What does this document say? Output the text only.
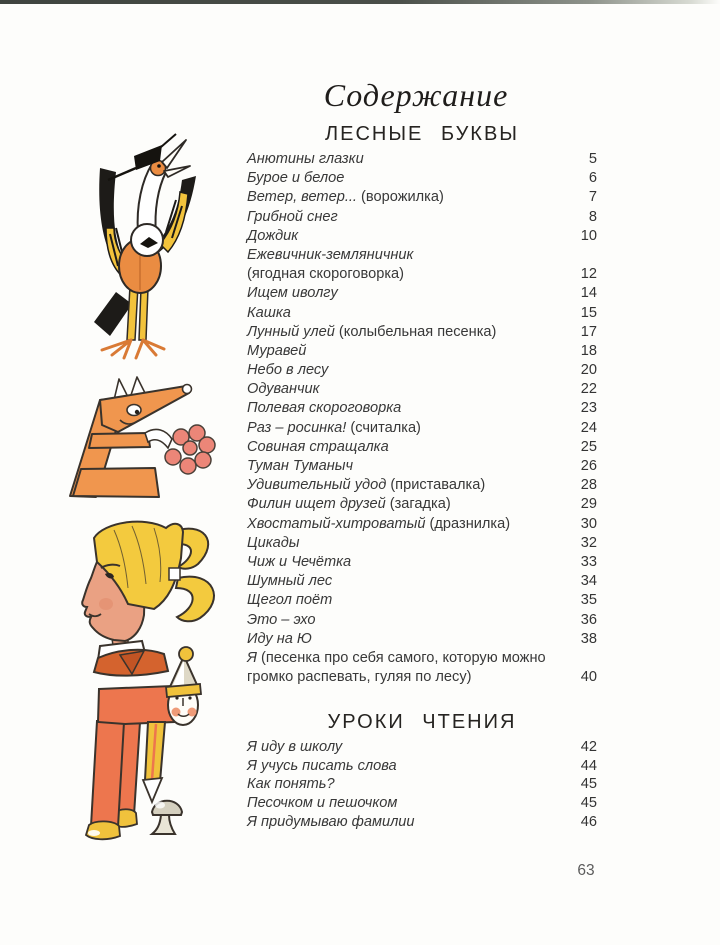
Содержание
ЛЕСНЫЕ БУКВЫ
Анютины глазки	5
Бурое и белое	6
Ветер, ветер... (ворожилка)	7
Грибной снег	8
Дождик	10
Ежевичник-земляничник
(ягодная скороговорка)	12
Ищем иволгу	14
Кашка	15
Лунный улей (колыбельная песенка)	17
Муравей	18
Небо в лесу	20
Одуванчик	22
Полевая скороговорка	23
Раз – росинка! (считалка)	24
Совиная стращалка	25
Туман Туманыч	26
Удивительный удод (приставалка)	28
Филин ищет друзей (загадка)	29
Хвостатый-хитроватый (дразнилка)	30
Цикады	32
Чиж и Чечётка	33
Шумный лес	34
Щегол поёт	35
Это – эхо	36
Иду на Ю	38
Я (песенка про себя самого, которую можно
громко распевать, гуляя по лесу)	40
УРОКИ ЧТЕНИЯ
Я иду в школу	42
Я учусь писать слова	44
Как понять?	45
Песочком и пешочком	45
Я придумываю фамилии	46
63
